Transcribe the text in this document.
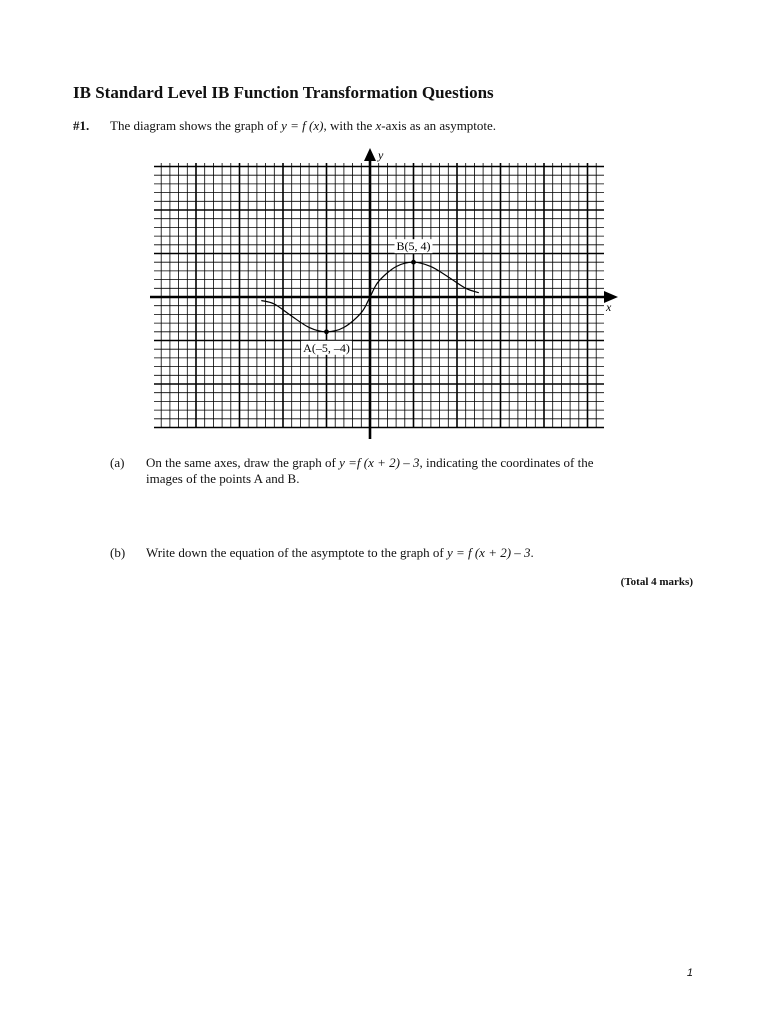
IB Standard Level IB Function Transformation Questions
#1. The diagram shows the graph of y = f (x), with the x-axis as an asymptote.
x
y
A(–5, –4)
B(5, 4)
(a) On the same axes, draw the graph of y =f (x + 2) – 3, indicating the coordinates of the
images of the points A and B.
(b) Write down the equation of the asymptote to the graph of y = f (x + 2) – 3.
(Total 4 marks)
1
